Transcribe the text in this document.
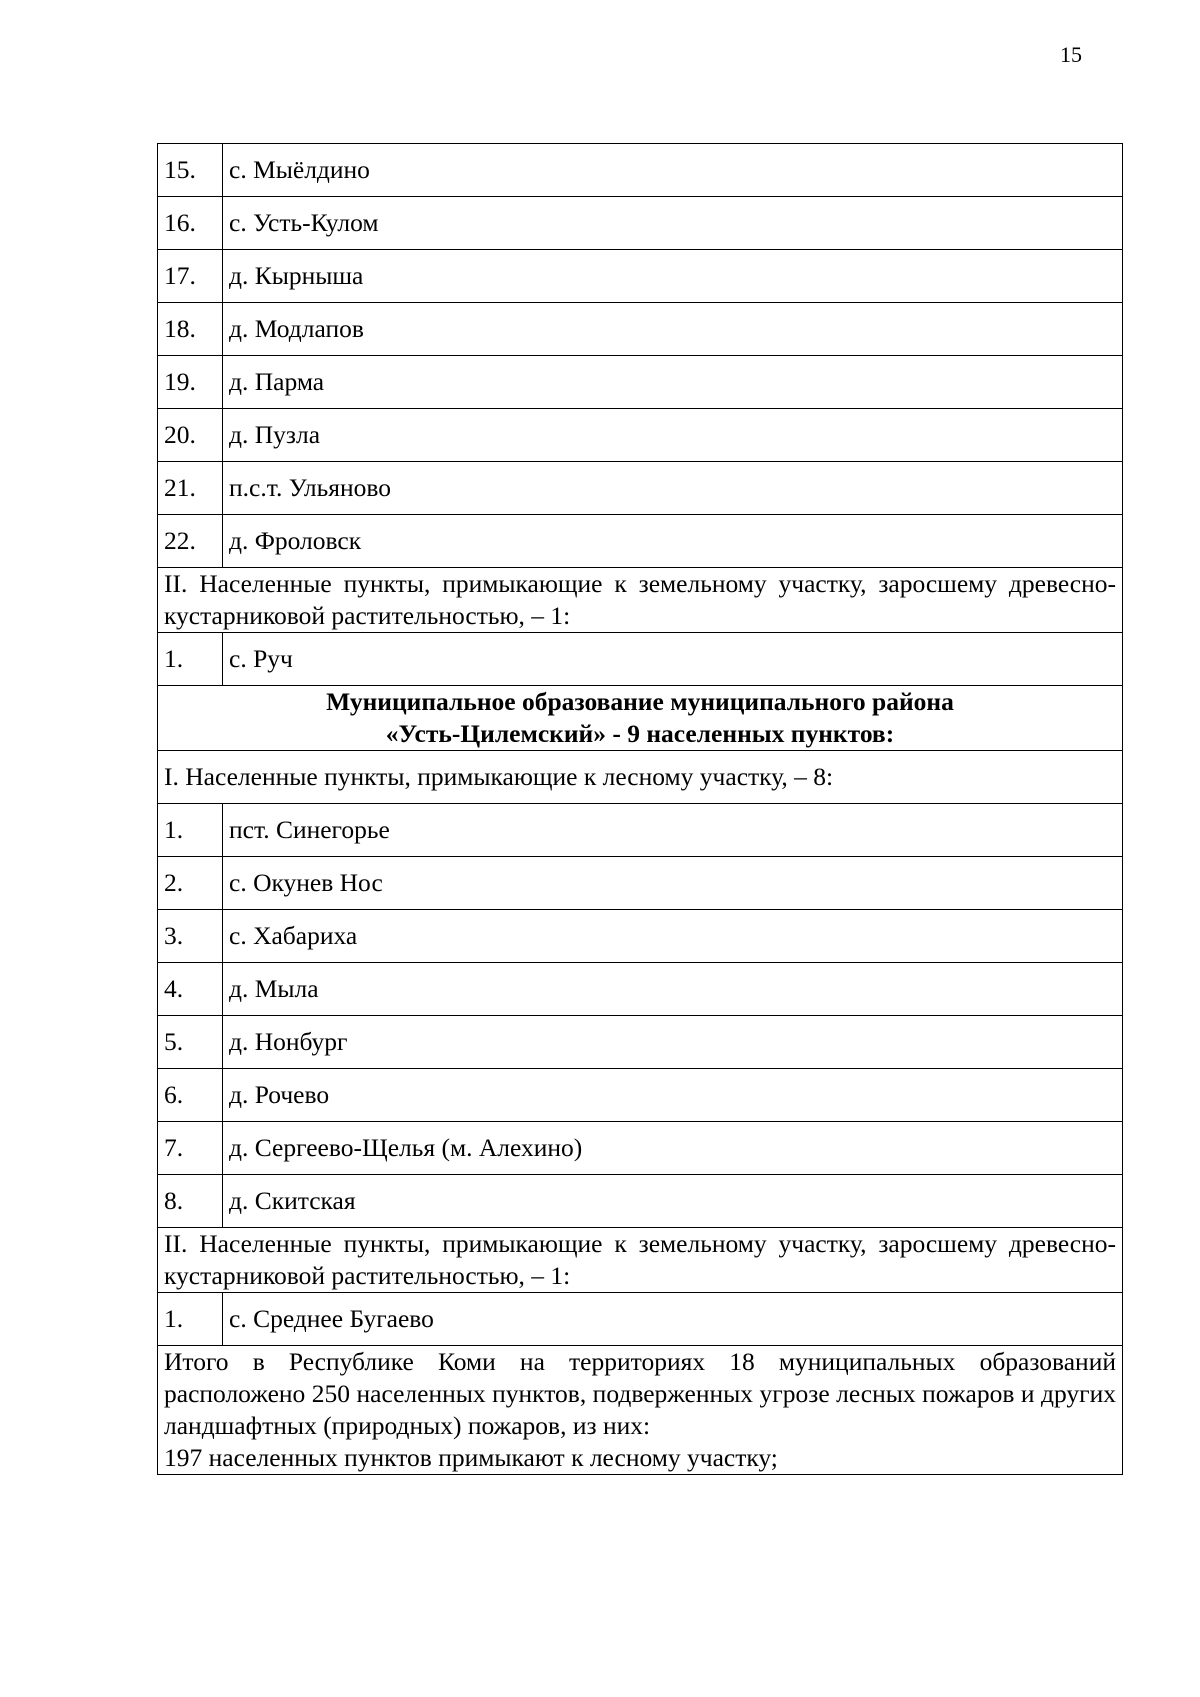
15
15.	с. Мыёлдино
16.	с. Усть-Кулом
17.	д. Кырныша
18.	д. Модлапов
19.	д. Парма
20.	д. Пузла
21.	п.с.т. Ульяново
22.	д. Фроловск
II. Населенные пункты, примыкающие к земельному участку, заросшему древесно-кустарниковой растительностью, – 1:	
1.	с. Руч

Муниципальное образование муниципального района
«Усть-Цилемский» - 9 населенных пунктов:	

I. Населенные пункты, примыкающие к лесному участку, – 8:	
1.	пст. Синегорье
2.	с. Окунев Нос
3.	с. Хабариха
4.	д. Мыла
5.	д. Нонбург
6.	д. Рочево
7.	д. Сергеево-Щелья (м. Алехино)
8.	д. Скитская
II. Населенные пункты, примыкающие к земельному участку, заросшему древесно-кустарниковой растительностью, – 1:	
1.	с. Среднее Бугаево

Итого в Республике Коми на территориях 18 муниципальных образований расположено 250 населенных пунктов, подверженных угрозе лесных пожаров и других ландшафтных (природных) пожаров, из них:
197 населенных пунктов примыкают к лесному участку;	
